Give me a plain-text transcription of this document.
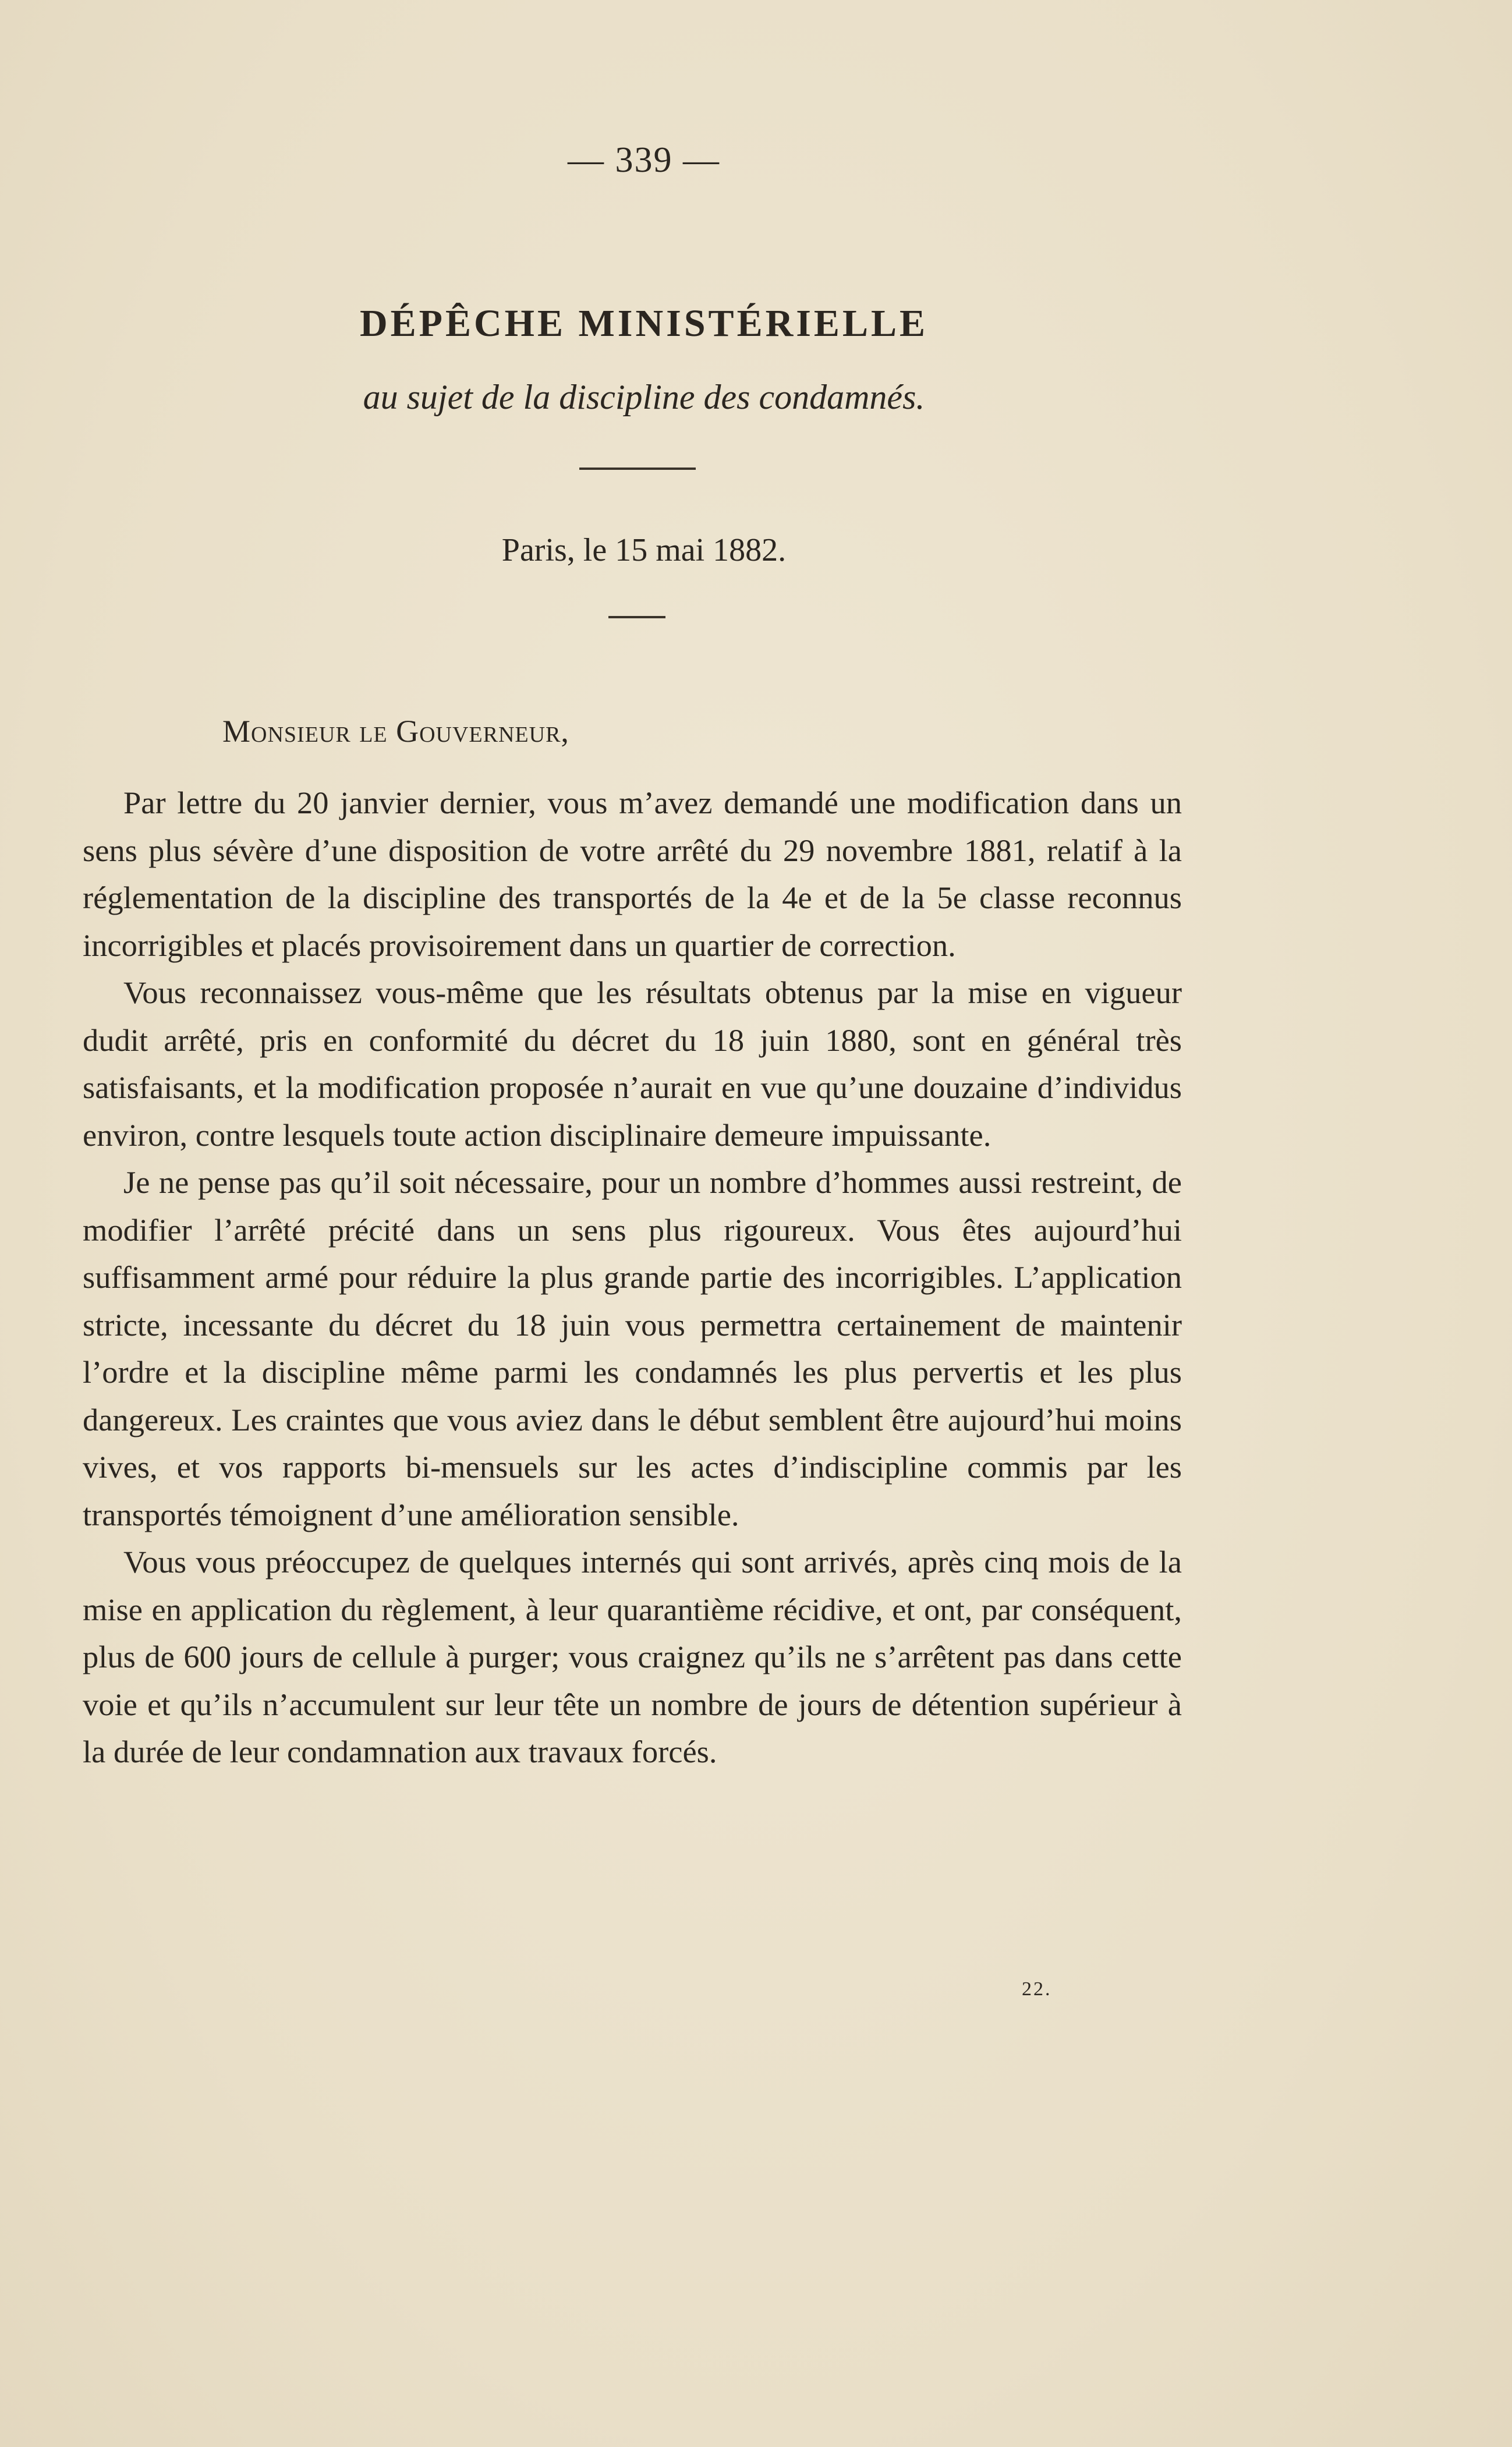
— 339 —
DÉPÊCHE MINISTÉRIELLE
au sujet de la discipline des condamnés.
Paris, le 15 mai 1882.
Monsieur le Gouverneur,

Par lettre du 20 janvier dernier, vous m’avez demandé une modification dans un sens plus sévère d’une disposition de votre arrêté du 29 novembre 1881, relatif à la réglementation de la discipline des transportés de la 4e et de la 5e classe reconnus incorrigibles et placés provisoirement dans un quartier de correction.

Vous reconnaissez vous-même que les résultats obtenus par la mise en vigueur dudit arrêté, pris en conformité du décret du 18 juin 1880, sont en général très satisfaisants, et la modification proposée n’aurait en vue qu’une douzaine d’individus environ, contre lesquels toute action disciplinaire demeure impuissante.

Je ne pense pas qu’il soit nécessaire, pour un nombre d’hommes aussi restreint, de modifier l’arrêté précité dans un sens plus rigoureux. Vous êtes aujourd’hui suffisamment armé pour réduire la plus grande partie des incorrigibles. L’application stricte, incessante du décret du 18 juin vous permettra certainement de maintenir l’ordre et la discipline même parmi les condamnés les plus pervertis et les plus dangereux. Les craintes que vous aviez dans le début semblent être aujourd’hui moins vives, et vos rapports bi-mensuels sur les actes d’indiscipline commis par les transportés témoignent d’une amélioration sensible.

Vous vous préoccupez de quelques internés qui sont arrivés, après cinq mois de la mise en application du règlement, à leur quarantième récidive, et ont, par conséquent, plus de 600 jours de cellule à purger; vous craignez qu’ils ne s’arrêtent pas dans cette voie et qu’ils n’accumulent sur leur tête un nombre de jours de détention supérieur à la durée de leur condamnation aux travaux forcés.

22.
